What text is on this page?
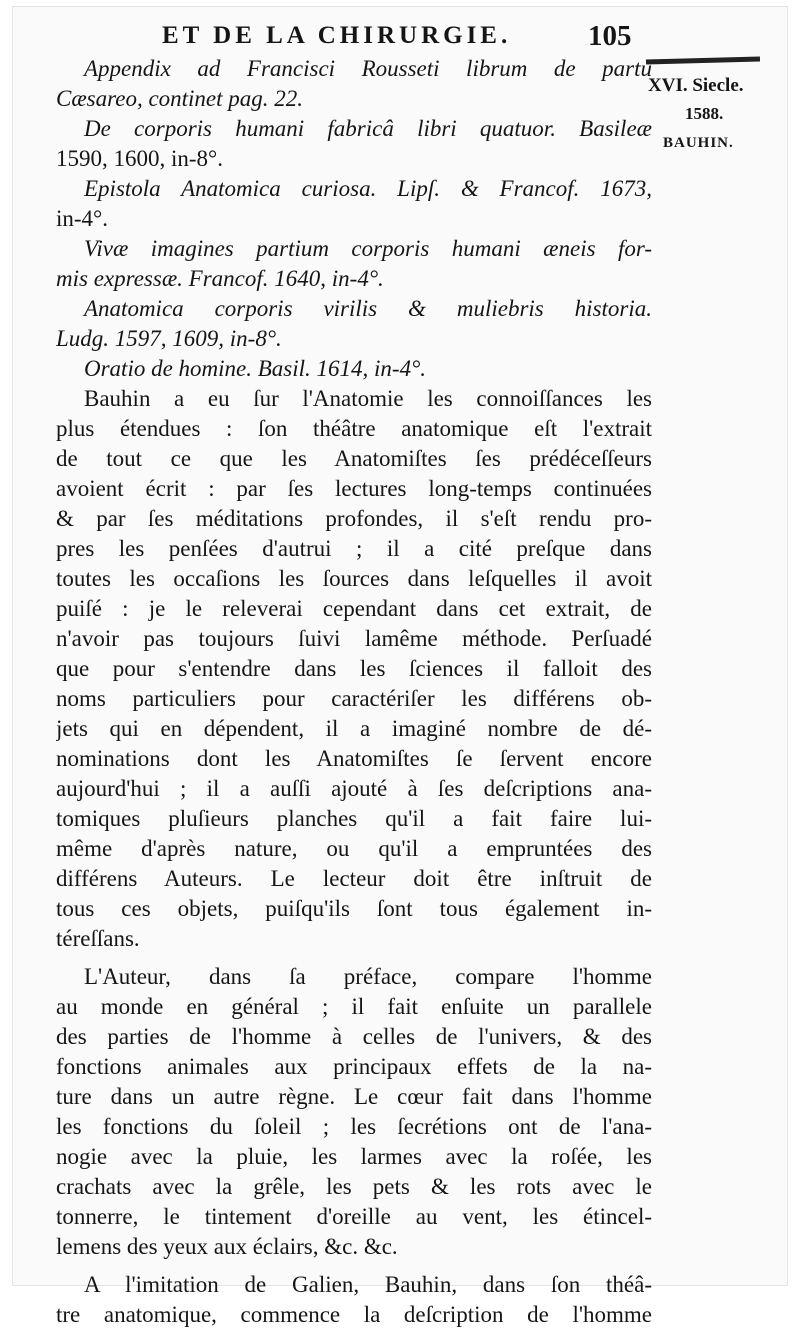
ET DE LA CHIRURGIE.	105
XVI. Siecle.
1588.
BAUHIN.
Appendix ad Francisci Rousseti librum de partu
Cæsareo, continet pag. 22.
De corporis humani fabricâ libri quatuor. Basileæ
1590, 1600, in-8°.
Epistola Anatomica curiosa. Lipſ. & Francof. 1673,
in-4°.
Vivæ imagines partium corporis humani æneis for-
mis expressæ. Francof. 1640, in-4°.
Anatomica corporis virilis & muliebris historia.
Ludg. 1597, 1609, in-8°.
Oratio de homine. Basil. 1614, in-4°.
Bauhin a eu ſur l'Anatomie les connoiſſances les
plus étendues : ſon théâtre anatomique eſt l'extrait
de tout ce que les Anatomiſtes ſes prédéceſſeurs
avoient écrit : par ſes lectures long-temps continuées
& par ſes méditations profondes, il s'eſt rendu pro-
pres les penſées d'autrui ; il a cité preſque dans
toutes les occaſions les ſources dans leſquelles il avoit
puiſé : je le releverai cependant dans cet extrait, de
n'avoir pas toujours ſuivi lamême méthode. Perſuadé
que pour s'entendre dans les ſciences il falloit des
noms particuliers pour caractériſer les différens ob-
jets qui en dépendent, il a imaginé nombre de dé-
nominations dont les Anatomiſtes ſe ſervent encore
aujourd'hui ; il a auſſi ajouté à ſes deſcriptions ana-
tomiques pluſieurs planches qu'il a fait faire lui-
même d'après nature, ou qu'il a empruntées des
différens Auteurs. Le lecteur doit être inſtruit de
tous ces objets, puiſqu'ils ſont tous également in-
téreſſans.
L'Auteur, dans ſa préface, compare l'homme
au monde en général ; il fait enſuite un parallele
des parties de l'homme à celles de l'univers, & des
fonctions animales aux principaux effets de la na-
ture dans un autre règne. Le cœur fait dans l'homme
les fonctions du ſoleil ; les ſecrétions ont de l'ana-
nogie avec la pluie, les larmes avec la roſée, les
crachats avec la grêle, les pets & les rots avec le
tonnerre, le tintement d'oreille au vent, les étincel-
lemens des yeux aux éclairs, &c. &c.
A l'imitation de Galien, Bauhin, dans ſon théâ-
tre anatomique, commence la deſcription de l'homme
